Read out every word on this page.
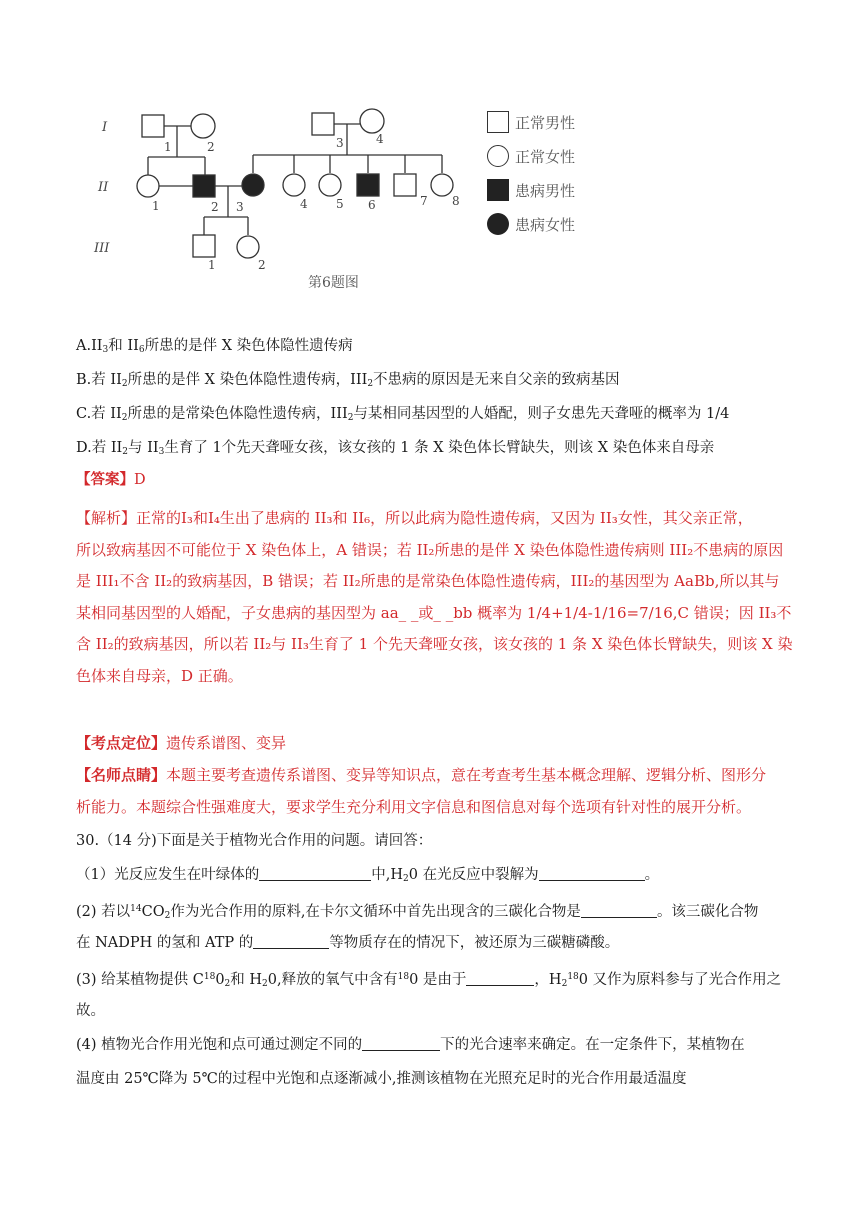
I
II
III
1	2	3	4
1	2 3	4 5 6	7 8
1	2
第6题图
正常男性
正常女性
患病男性
患病女性
$A.II_3$和 $II_6$所患的是伴 X 染色体隐性遗传病
B.若 $II_2$所患的是伴 X 染色体隐性遗传病，$III_2$不患病的原因是无来自父亲的致病基因
C.若 $II_2$所患的是常染色体隐性遗传病，$III_2$与某相同基因型的人婚配，则子女患先天聋哑的概率为 1/4
D.若 $II_2$与 $II_3$生育了 1个先天聋哑女孩，该女孩的 1 条 X 染色体长臂缺失，则该 X 染色体来自母亲
【答案】D
【解析】正常的Ⅰ₃和Ⅰ₄生出了患病的 II₃和 II₆，所以此病为隐性遗传病，又因为 II₃女性，其父亲正常，
所以致病基因不可能位于 X 染色体上，A 错误；若 II₂所患的是伴 X 染色体隐性遗传病则 III₂不患病的原因
是 III₁不含 II₂的致病基因，B 错误；若 II₂所患的是常染色体隐性遗传病，III₂的基因型为 AaBb,所以其与
某相同基因型的人婚配，子女患病的基因型为 aa_ _或_ _bb 概率为 1/4+1/4-1/16=7/16,C 错误；因 II₃不
含 II₂的致病基因，所以若 II₂与 II₃生育了 1 个先天聋哑女孩，该女孩的 1 条 X 染色体长臂缺失，则该 X 染
色体来自母亲，D 正确。
【考点定位】遗传系谱图、变异
【名师点睛】本题主要考查遗传系谱图、变异等知识点，意在考查考生基本概念理解、逻辑分析、图形分
析能力。本题综合性强难度大，要求学生充分利用文字信息和图信息对每个选项有针对性的展开分析。
30.（14 分)下面是关于植物光合作用的问题。请回答：
（1）光反应发生在叶绿体的	中$,H_20$ 在光反应中裂解为	。
(2) 若以$^{14}CO_2$作为光合作用的原料,在卡尔文循环中首先出现含的三碳化合物是	。该三碳化合物
在 NADPH 的氢和 ATP 的	等物质存在的情况下，被还原为三碳糖磷酸。
(3) 给某植物提供 $C^{18}0_2$和 $H_20$,释放的氧气中含有$^{18}$0 是由于	，$H_2^{18}0$ 又作为原料参与了光合作用之
故。
(4) 植物光合作用光饱和点可通过测定不同的	下的光合速率来确定。在一定条件下，某植物在
温度由 25℃降为 5℃的过程中光饱和点逐渐减小,推测该植物在光照充足时的光合作用最适温度
